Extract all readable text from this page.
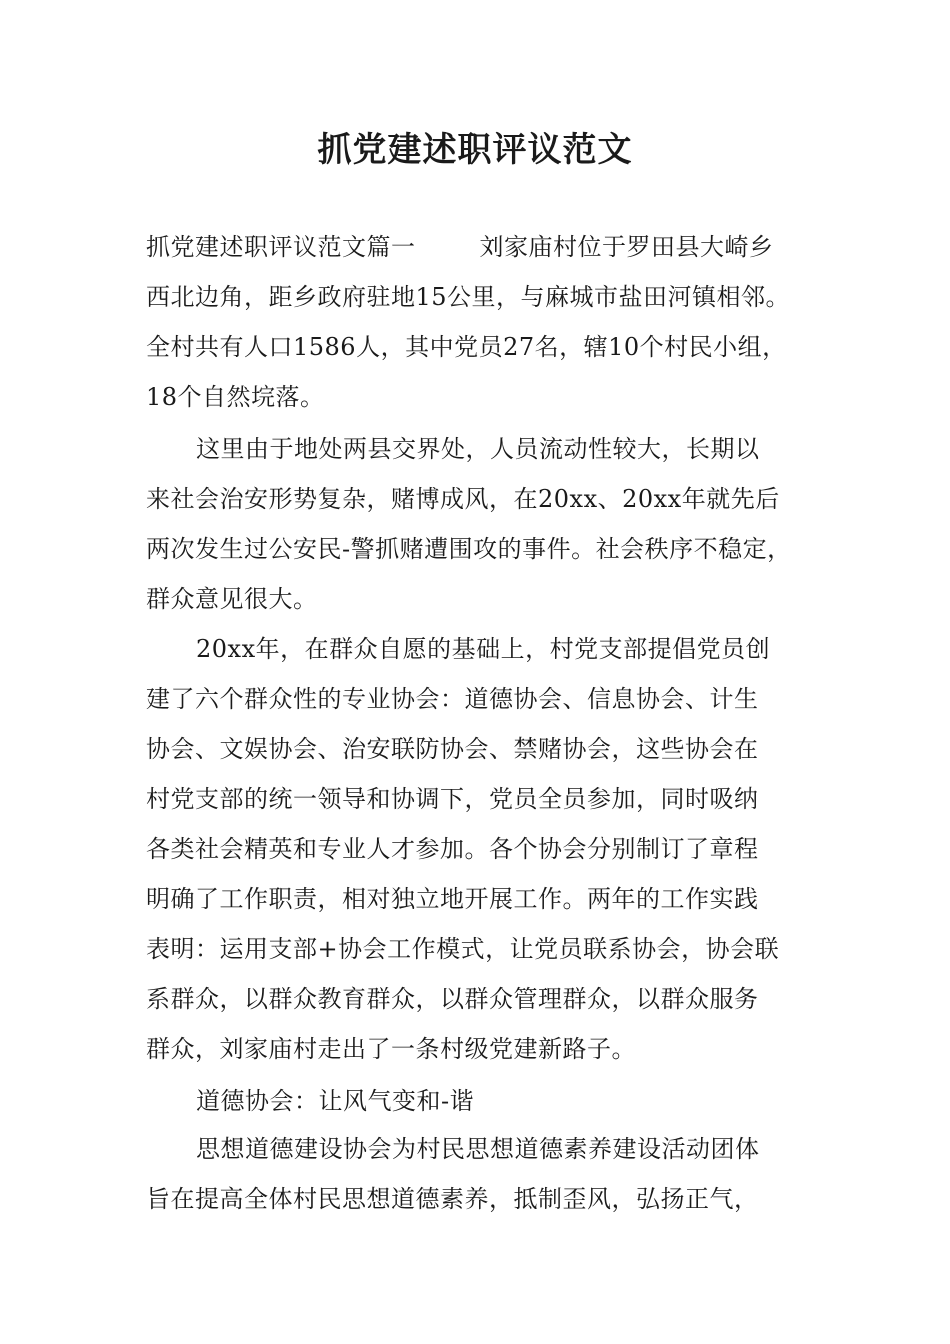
抓党建述职评议范文

抓党建述职评议范文篇一	刘家庙村位于罗田县大崎乡
西北边角，距乡政府驻地15公里，与麻城市盐田河镇相邻。
全村共有人口1586人，其中党员27名，辖10个村民小组，
18个自然垸落。

这里由于地处两县交界处，人员流动性较大，长期以
来社会治安形势复杂，赌博成风，在20xx、20xx年就先后
两次发生过公安民-警抓赌遭围攻的事件。社会秩序不稳定，
群众意见很大。

20xx年，在群众自愿的基础上，村党支部提倡党员创
建了六个群众性的专业协会：道德协会、信息协会、计生
协会、文娱协会、治安联防协会、禁赌协会，这些协会在
村党支部的统一领导和协调下，党员全员参加，同时吸纳
各类社会精英和专业人才参加。各个协会分别制订了章程
明确了工作职责，相对独立地开展工作。两年的工作实践
表明：运用支部+协会工作模式，让党员联系协会，协会联
系群众，以群众教育群众，以群众管理群众，以群众服务
群众，刘家庙村走出了一条村级党建新路子。

道德协会：让风气变和-谐

思想道德建设协会为村民思想道德素养建设活动团体
旨在提高全体村民思想道德素养，抵制歪风，弘扬正气，
